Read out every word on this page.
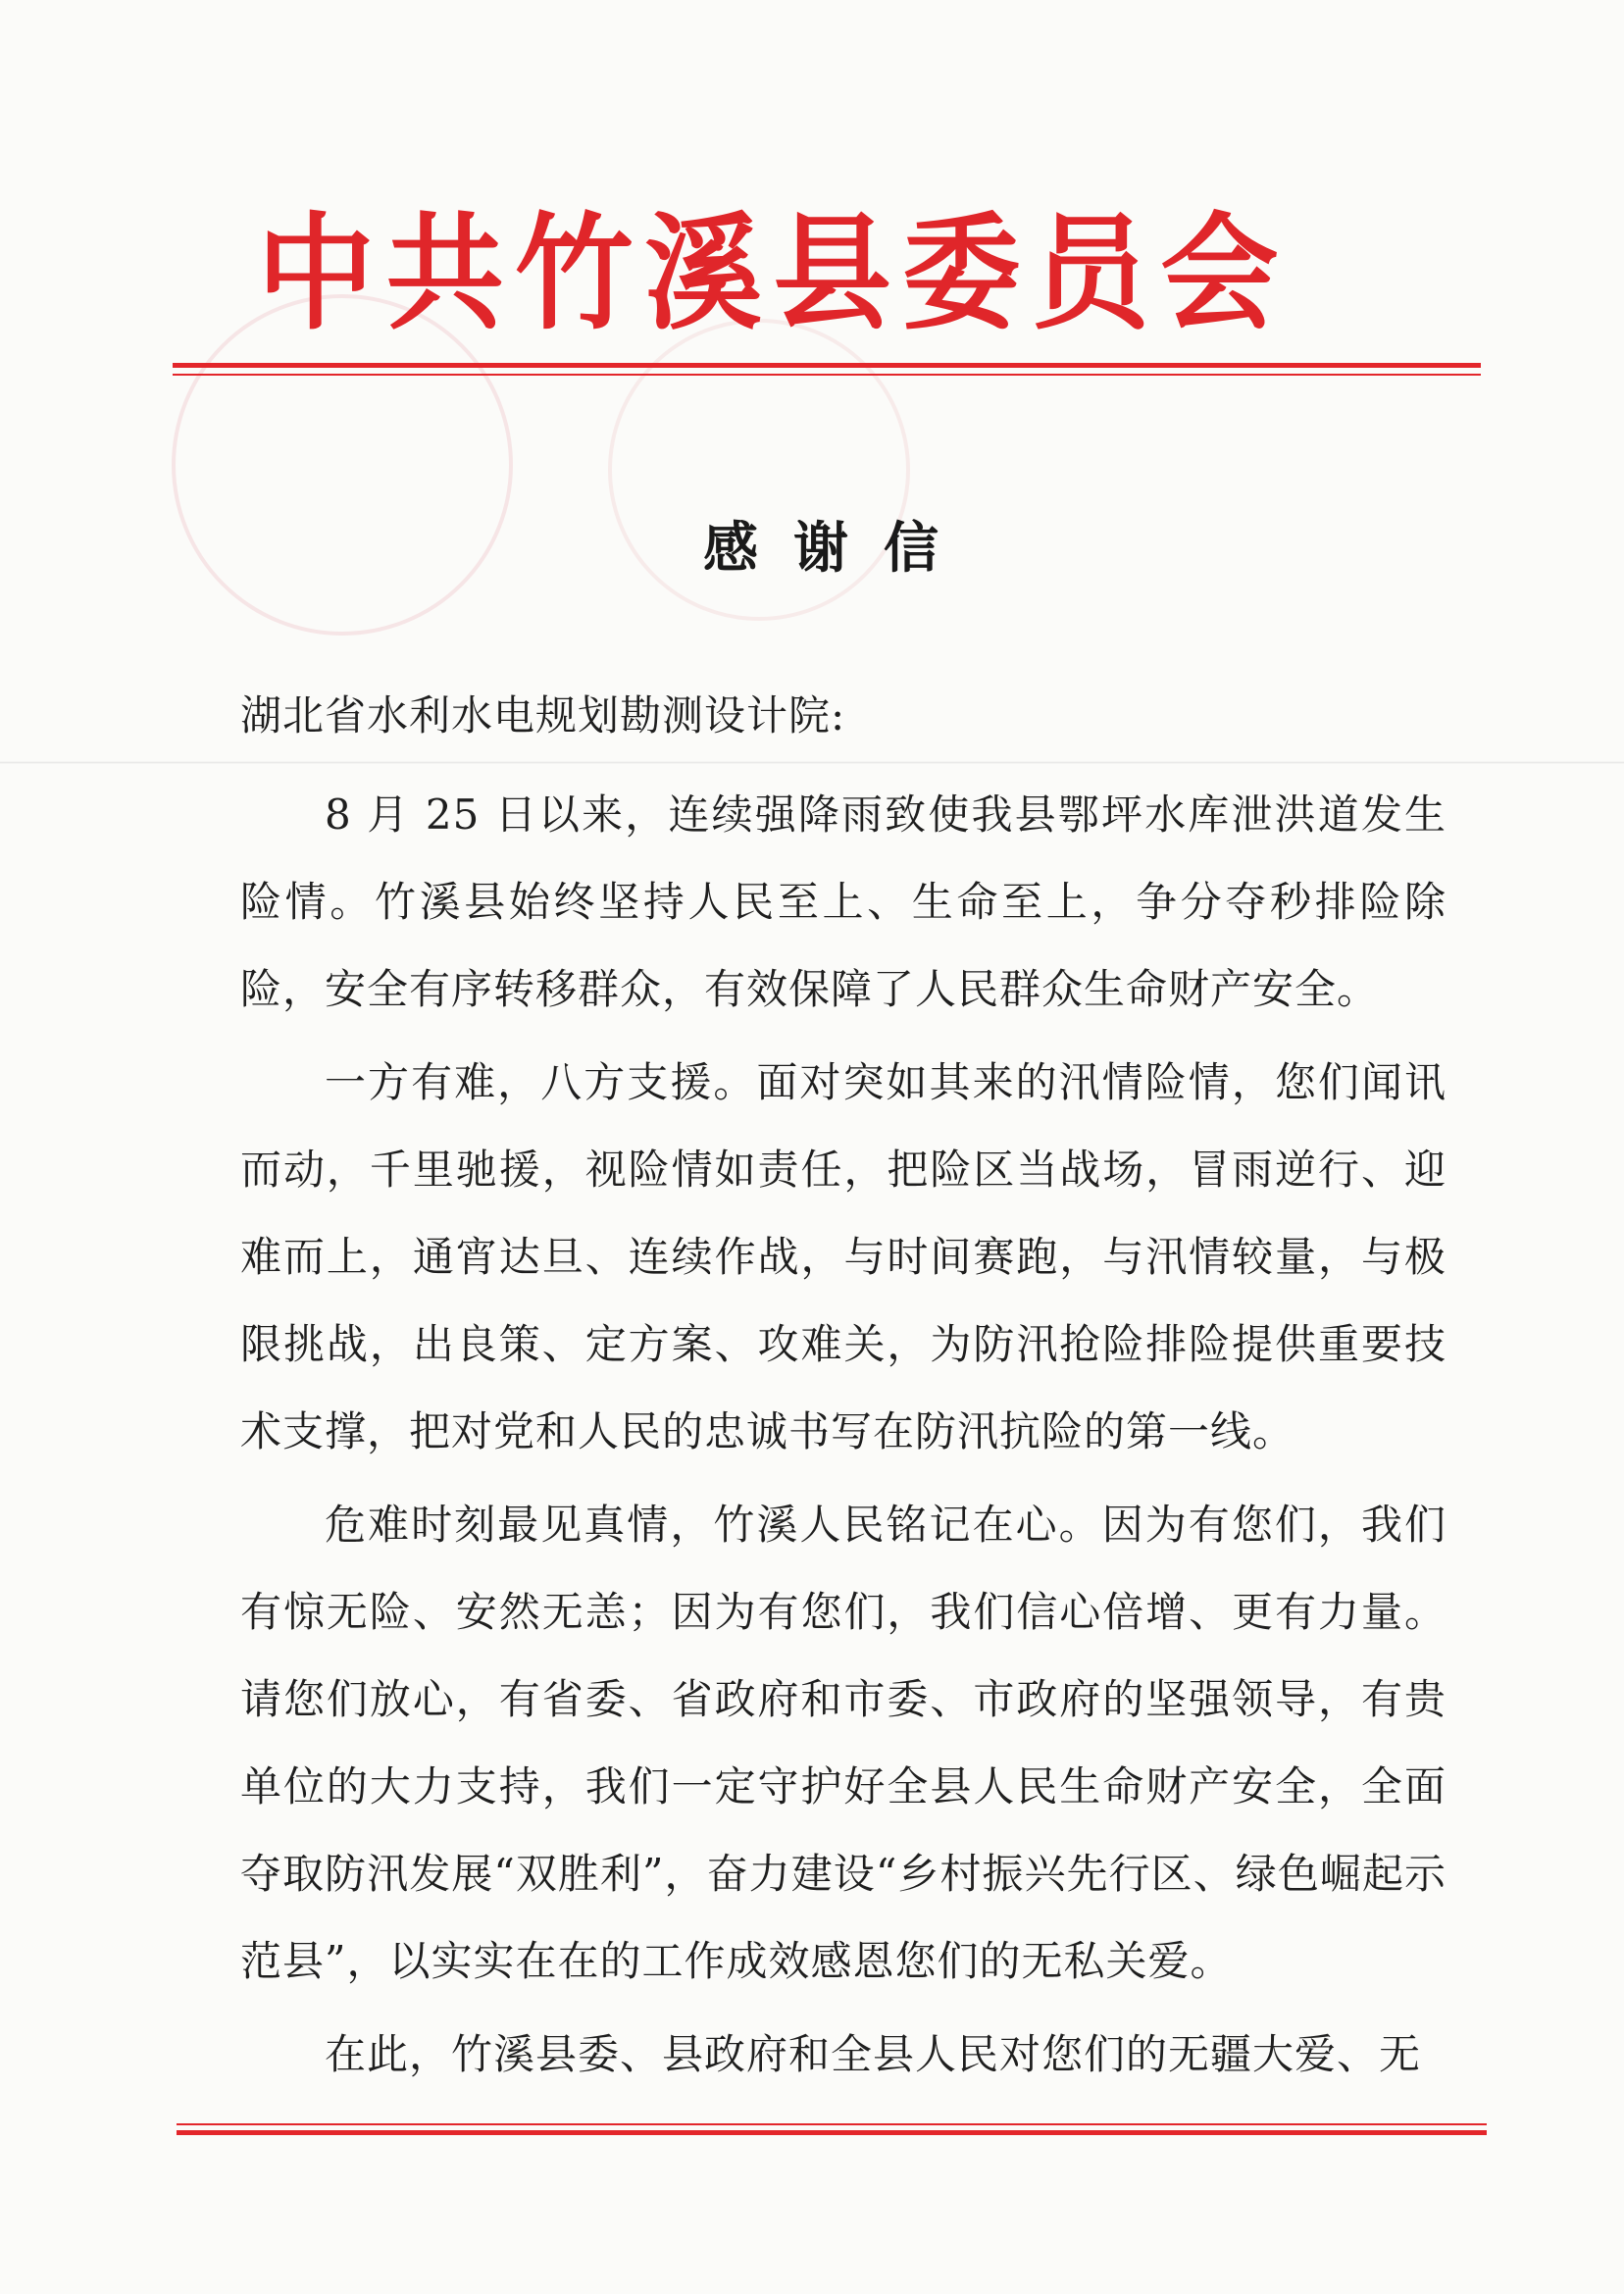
中共竹溪县委员会
感谢信

湖北省水利水电规划勘测设计院:

8 月 25 日以来，连续强降雨致使我县鄂坪水库泄洪道发生险情。竹溪县始终坚持人民至上、生命至上，争分夺秒排险除险，安全有序转移群众，有效保障了人民群众生命财产安全。

一方有难，八方支援。面对突如其来的汛情险情，您们闻讯而动，千里驰援，视险情如责任，把险区当战场，冒雨逆行、迎难而上，通宵达旦、连续作战，与时间赛跑，与汛情较量，与极限挑战，出良策、定方案、攻难关，为防汛抢险排险提供重要技术支撑，把对党和人民的忠诚书写在防汛抗险的第一线。

危难时刻最见真情，竹溪人民铭记在心。因为有您们，我们有惊无险、安然无恙；因为有您们，我们信心倍增、更有力量。请您们放心，有省委、省政府和市委、市政府的坚强领导，有贵单位的大力支持，我们一定守护好全县人民生命财产安全，全面夺取防汛发展“双胜利”，奋力建设“乡村振兴先行区、绿色崛起示范县”，以实实在在的工作成效感恩您们的无私关爱。

在此，竹溪县委、县政府和全县人民对您们的无疆大爱、无
